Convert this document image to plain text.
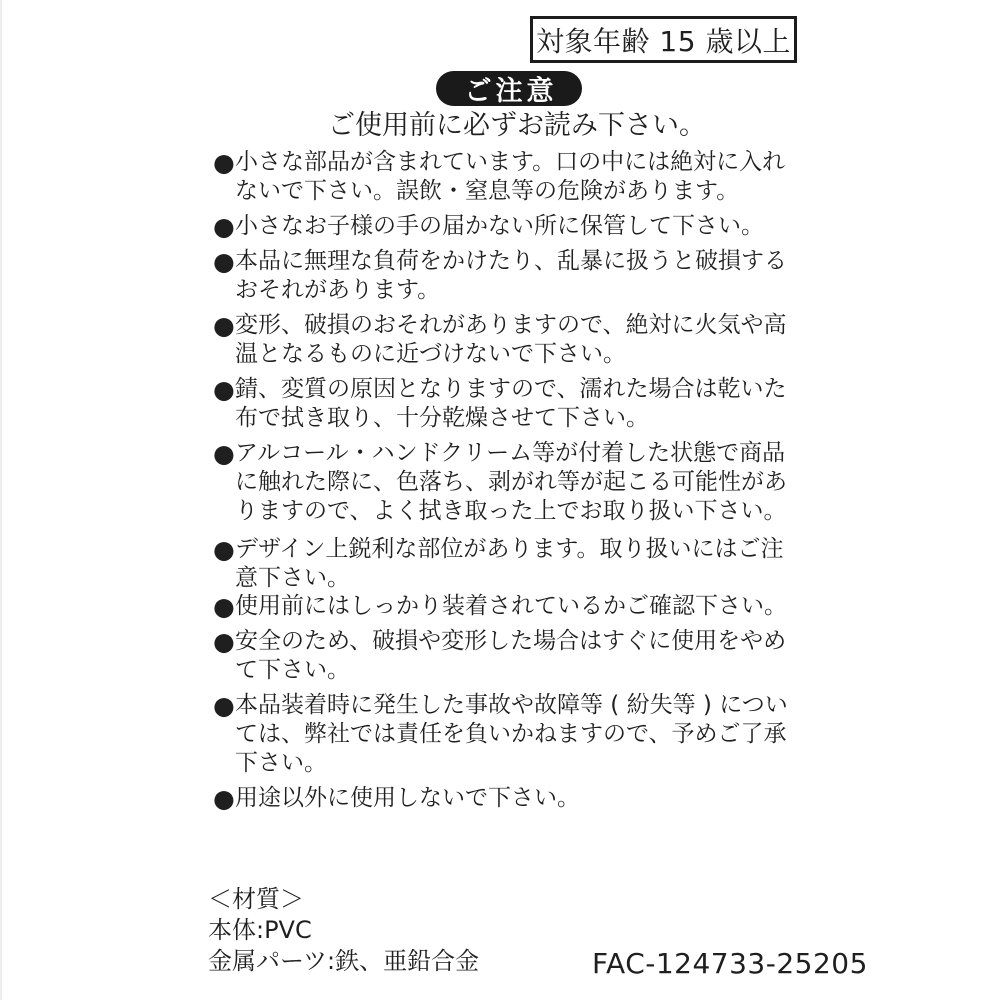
対象年齢 15 歳以上
ご注意
ご使用前に必ずお読み下さい。
● 小さな部品が含まれています。口の中には絶対に入れ
ないで下さい。誤飲・窒息等の危険があります。
● 小さなお子様の手の届かない所に保管して下さい。
● 本品に無理な負荷をかけたり、乱暴に扱うと破損する
おそれがあります。
● 変形、破損のおそれがありますので、絶対に火気や高
温となるものに近づけないで下さい。
● 錆、変質の原因となりますので、濡れた場合は乾いた
布で拭き取り、十分乾燥させて下さい。
● アルコール・ハンドクリーム等が付着した状態で商品
に触れた際に、色落ち、剥がれ等が起こる可能性があ
りますので、よく拭き取った上でお取り扱い下さい。
● デザイン上鋭利な部位があります。取り扱いにはご注
意下さい。
● 使用前にはしっかり装着されているかご確認下さい。
● 安全のため、破損や変形した場合はすぐに使用をやめ
て下さい。
● 本品装着時に発生した事故や故障等 ( 紛失等 ) につい
ては、弊社では責任を負いかねますので、予めご了承
下さい。
● 用途以外に使用しないで下さい。
＜材質＞
本体:PVC
金属パーツ:鉄、亜鉛合金	FAC-124733-25205
